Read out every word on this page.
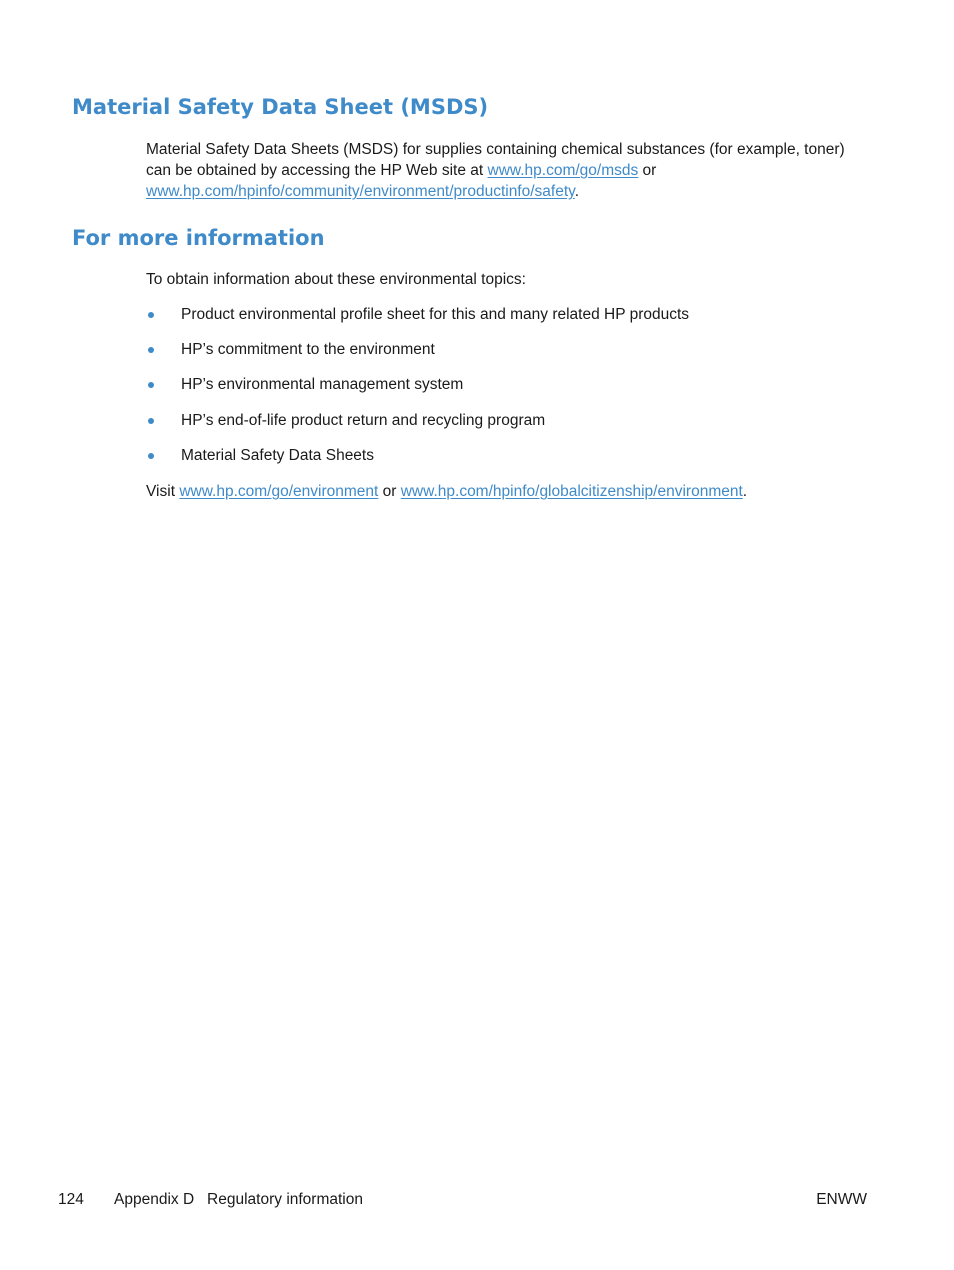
Material Safety Data Sheet (MSDS)

Material Safety Data Sheets (MSDS) for supplies containing chemical substances (for example, toner) can be obtained by accessing the HP Web site at www.hp.com/go/msds or www.hp.com/hpinfo/community/environment/productinfo/safety.

For more information

To obtain information about these environmental topics:

Product environmental profile sheet for this and many related HP products
HP’s commitment to the environment
HP’s environmental management system
HP’s end-of-life product return and recycling program
Material Safety Data Sheets

Visit www.hp.com/go/environment or www.hp.com/hpinfo/globalcitizenship/environment.

124 Appendix D   Regulatory information	ENWW
